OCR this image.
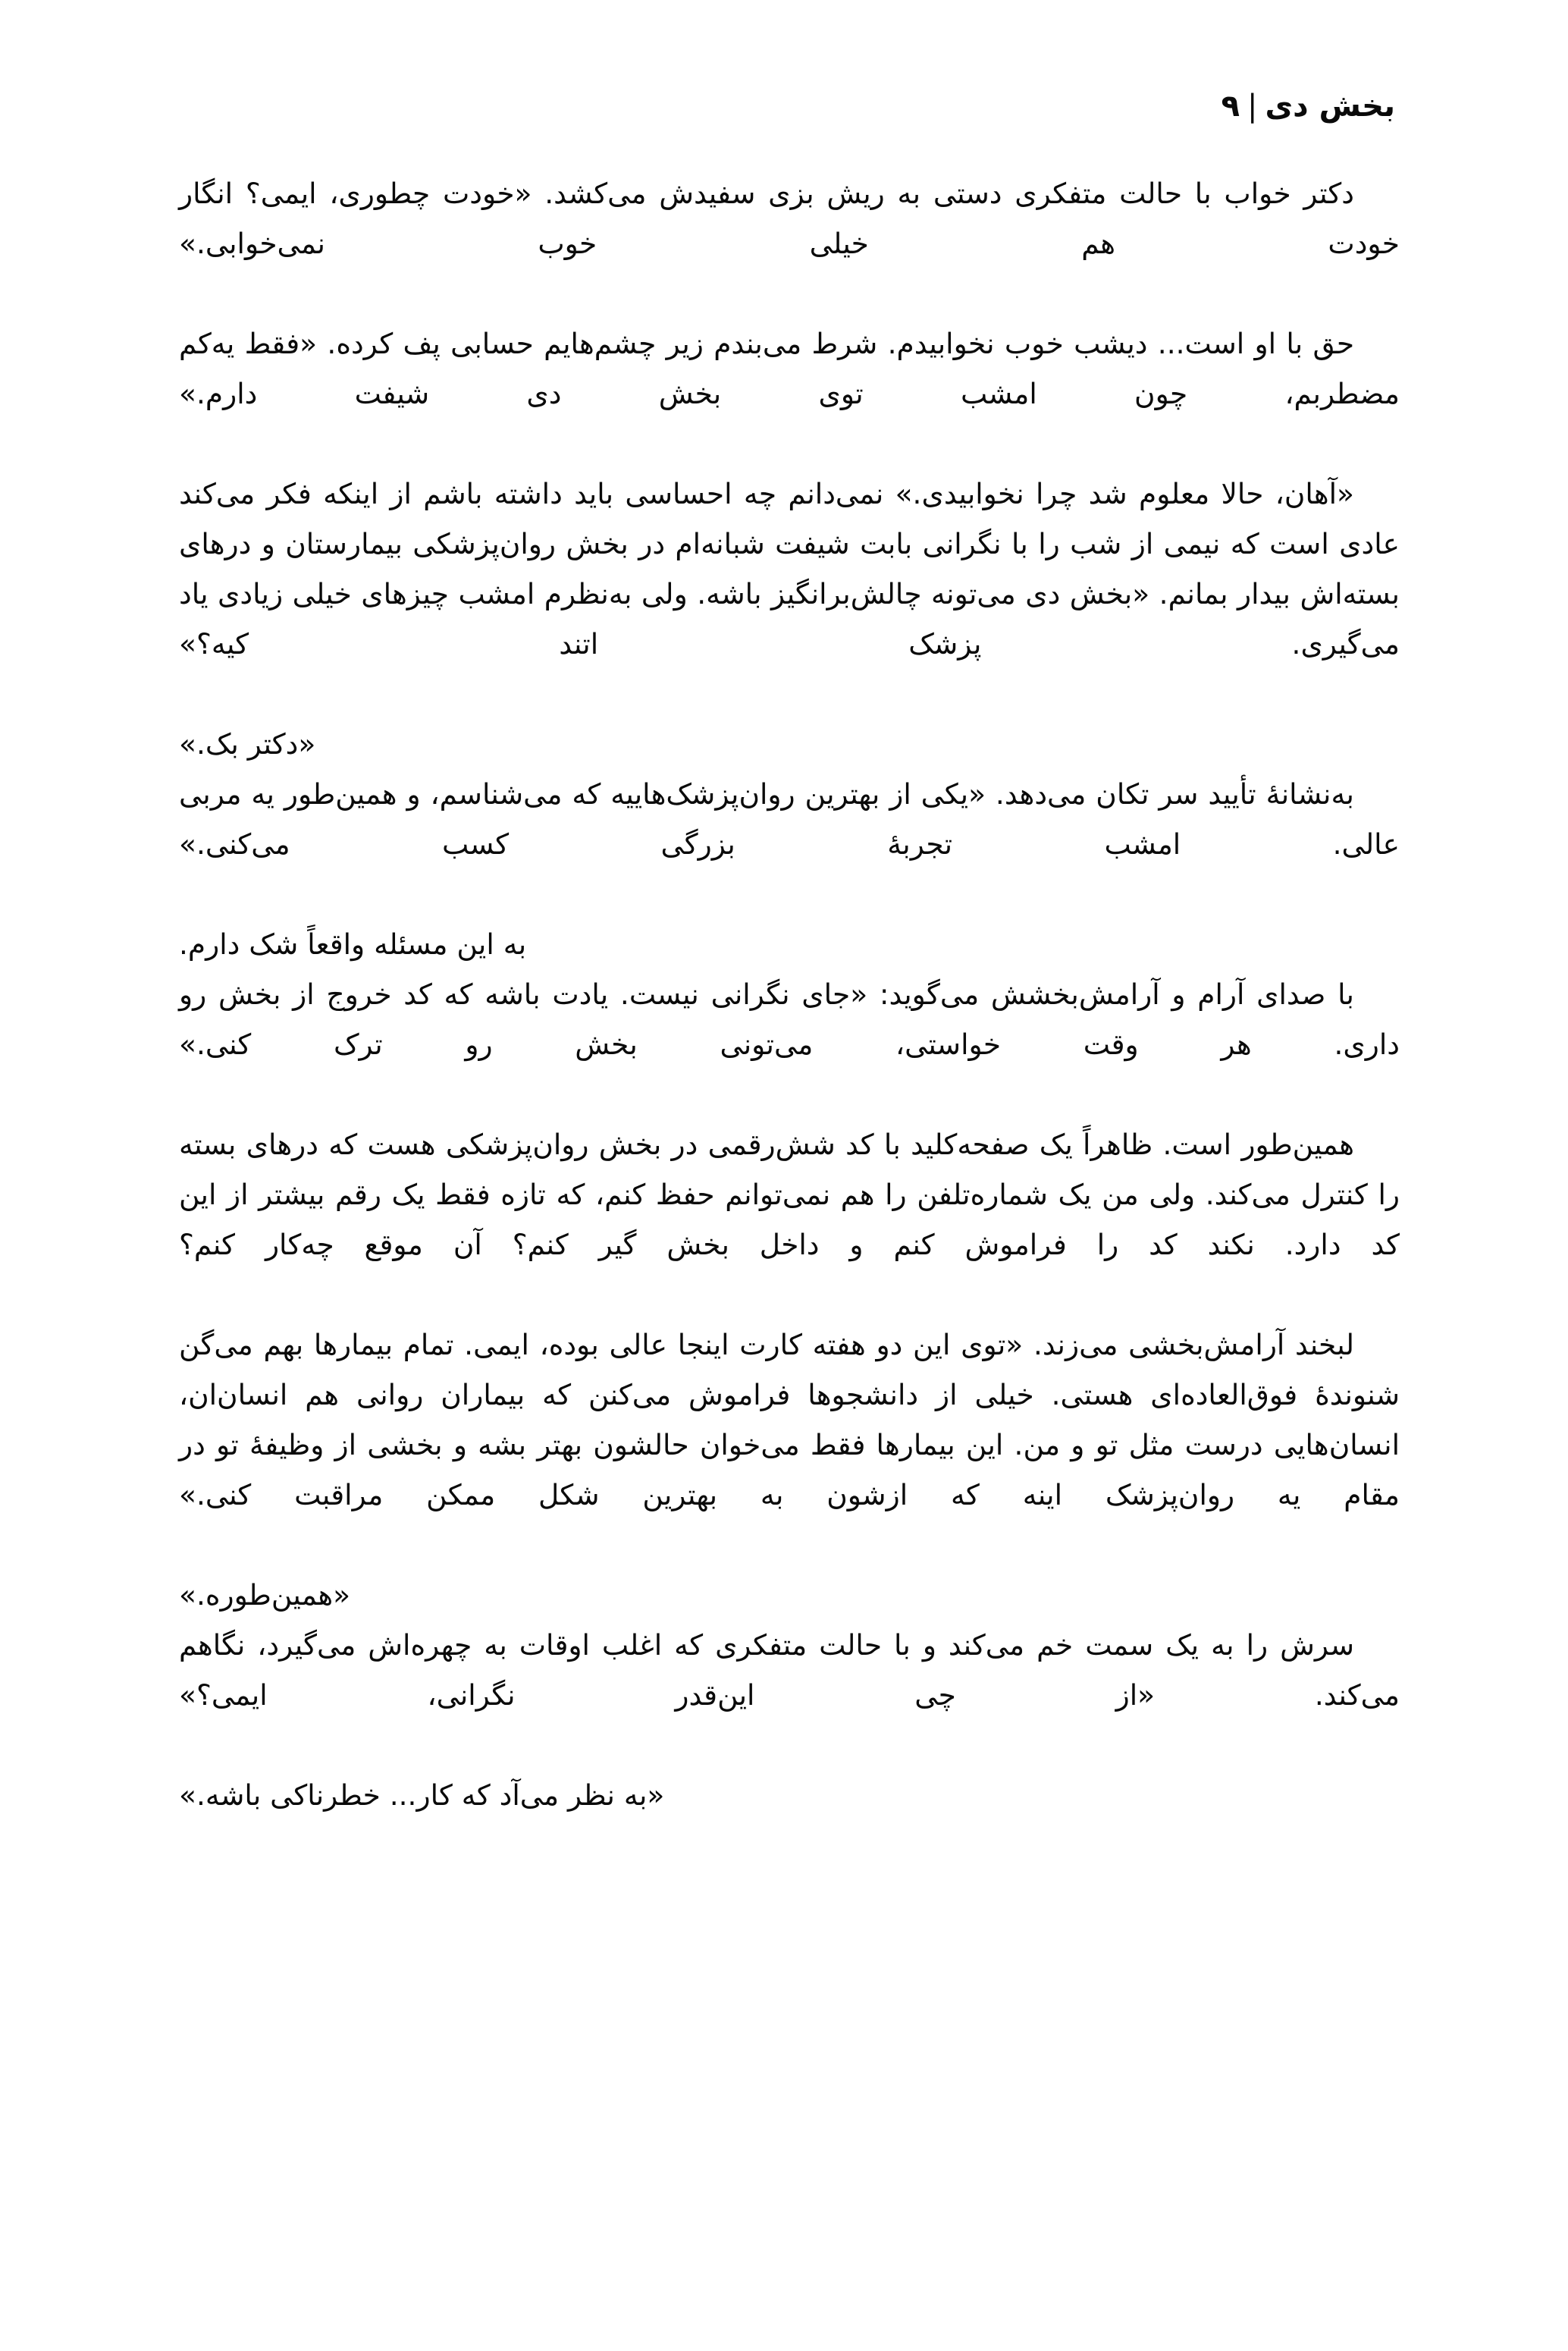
بخش دی|۹

دکتر خواب با حالت متفکری دستی به ریش بزی سفیدش می‌کشد. «خودت چطوری، ایمی؟ انگار خودت هم خیلی خوب نمی‌خوابی.»

حق با او است... دیشب خوب نخوابیدم. شرط می‌بندم زیر چشم‌هایم حسابی پف کرده. «فقط یه‌کم مضطربم، چون امشب توی بخش دی شیفت دارم.»

«آهان، حالا معلوم شد چرا نخوابیدی.» نمی‌دانم چه احساسی باید داشته باشم از اینکه فکر می‌کند عادی است که نیمی از شب را با نگرانی بابت شیفت شبانه‌ام در بخش روان‌پزشکی بیمارستان و درهای بسته‌اش بیدار بمانم. «بخش دی می‌تونه چالش‌برانگیز باشه. ولی به‌نظرم امشب چیزهای خیلی زیادی یاد می‌گیری. پزشک اتند کیه؟»

«دکتر بک.»

به‌نشانهٔ تأیید سر تکان می‌دهد. «یکی از بهترین روان‌پزشک‌هاییه که می‌شناسم، و همین‌طور یه مربی عالی. امشب تجربهٔ بزرگی کسب می‌کنی.»

به این مسئله واقعاً شک دارم.

با صدای آرام و آرامش‌بخشش می‌گوید: «جای نگرانی نیست. یادت باشه که کد خروج از بخش رو داری. هر وقت خواستی، می‌تونی بخش رو ترک کنی.»

همین‌طور است. ظاهراً یک صفحه‌کلید با کد شش‌رقمی در بخش روان‌پزشکی هست که درهای بسته را کنترل می‌کند. ولی من یک شماره‌تلفن را هم نمی‌توانم حفظ کنم، که تازه فقط یک رقم بیشتر از این کد دارد. نکند کد را فراموش کنم و داخل بخش گیر کنم؟ آن موقع چه‌کار کنم؟

لبخند آرامش‌بخشی می‌زند. «توی این دو هفته کارت اینجا عالی بوده، ایمی. تمام بیمارها بهم می‌گن شنوندهٔ فوق‌العاده‌ای هستی. خیلی از دانشجوها فراموش می‌کنن که بیماران روانی هم انسان‌ان، انسان‌هایی درست مثل تو و من. این بیمارها فقط می‌خوان حالشون بهتر بشه و بخشی از وظیفهٔ تو در مقام یه روان‌پزشک اینه که ازشون به بهترین شکل ممکن مراقبت کنی.»

«همین‌طوره.»

سرش را به یک سمت خم می‌کند و با حالت متفکری که اغلب اوقات به چهره‌اش می‌گیرد، نگاهم می‌کند. «از چی این‌قدر نگرانی، ایمی؟»

«به نظر می‌آد که کار... خطرناکی باشه.»
